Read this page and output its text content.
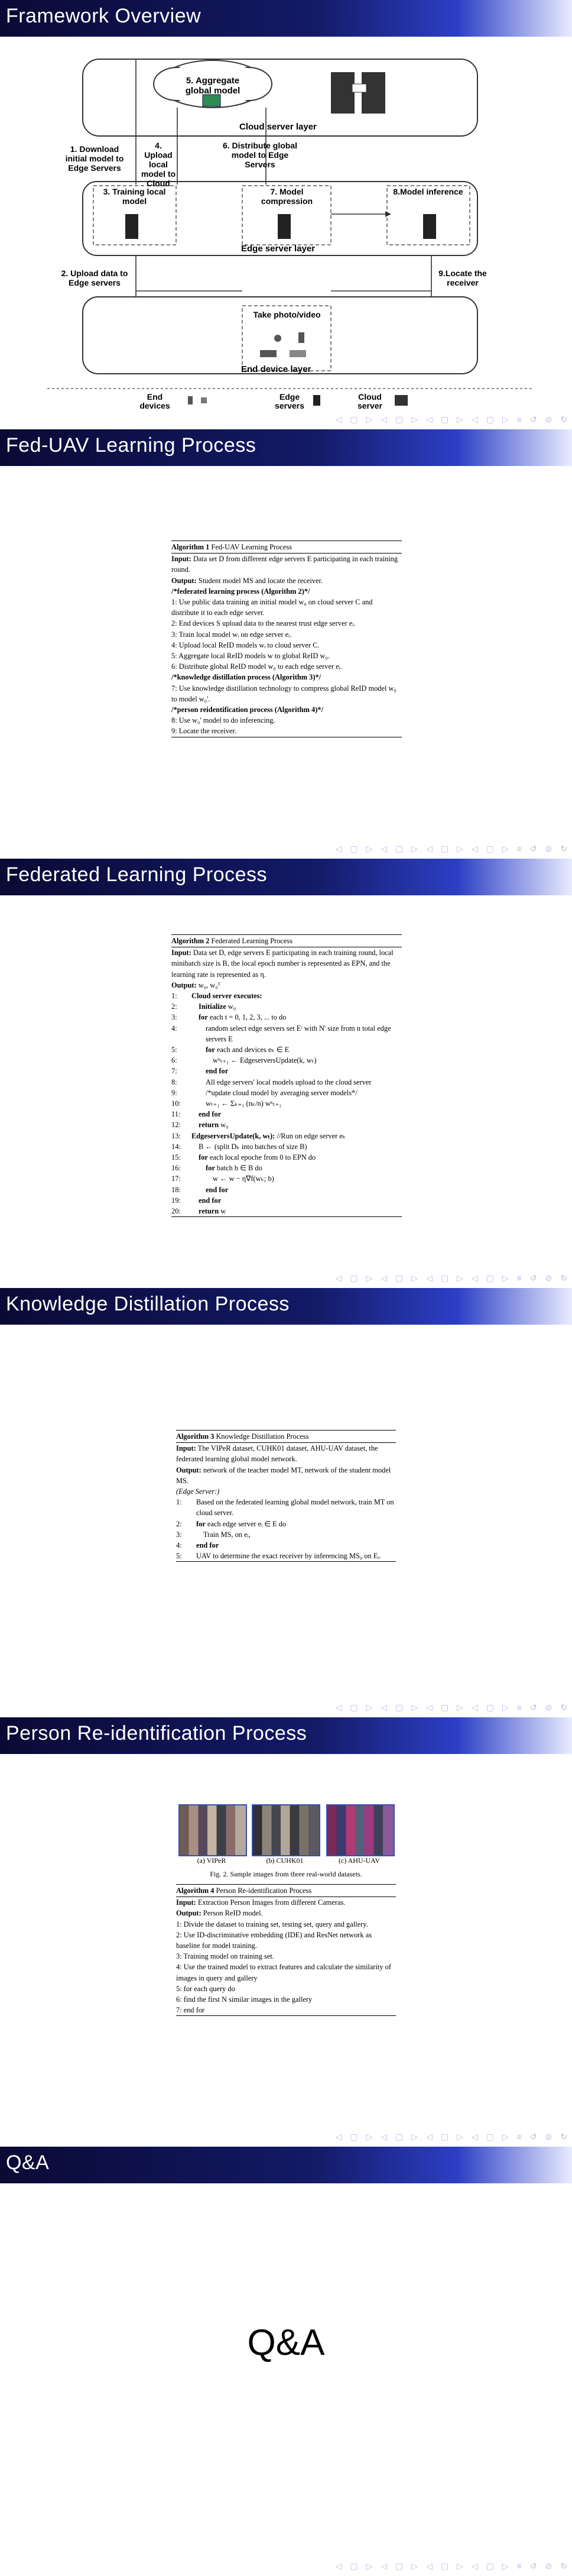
Framework Overview
5. Aggregate global model
Cloud server layer
1. Download initial model to Edge Servers
4. Upload local model to Cloud
6. Distribute global model to Edge Servers
3. Training local model
7. Model compression
8.Model inference
Edge server layer
2. Upload data to Edge servers
9.Locate the receiver
Take photo/video
End device layer
End devices
Edge servers
Cloud server
◁ ▢ ▷ ◁ ▢ ▷ ◁ ▢ ▷ ◁ ▢ ▷ ≡ ↺ ⊘ ↻
Fed-UAV Learning Process
Algorithm 1 Fed-UAV Learning Process
Input: Data set D from different edge servers E participating in each training round.
Output: Student model MS and locate the receiver.
/*federated learning process (Algorithm 2)*/
1: Use public data training an initial model w₀ on cloud server C and distribute it to each edge server.
2: End devices S upload data to the nearest trust edge server eᵢ.
3: Train local model wᵢ on edge server eᵢ.
4: Upload local ReID models wᵢ to cloud server C.
5: Aggregate local ReID models w to global ReID w₀.
6: Distribute global ReID model w₀ to each edge server eᵢ.
/*knowledge distillation process (Algorithm 3)*/
7: Use knowledge distillation technology to compress global ReID model w₀ to model w₀'.
/*person reidentification process (Algorithm 4)*/
8: Use w₀' model to do inferencing.
9: Locate the receiver.
◁ ▢ ▷ ◁ ▢ ▷ ◁ ▢ ▷ ◁ ▢ ▷ ≡ ↺ ⊘ ↻
Federated Learning Process
Algorithm 2 Federated Learning Process
Input: Data set D, edge servers E participating in each training round, local minibatch size is B, the local epoch number is represented as EPN, and the learning rate is represented as η.
Output: w₀, w₀ᵀ
1:	Cloud server executes:
2:	Initialize w₀
3:	for each t = 0, 1, 2, 3, ... to do
4:	random select edge servers set Eᵗ with N' size from n total edge servers E
5:	for each and devices eₖ ∈ E
6:	wᵏₜ₊₁ ← EdgeserversUpdate(k, wₜ)
7:	end for
8:	All edge servers' local models upload to the cloud server
9:	/*update cloud model by averaging server models*/
10:	wₜ₊₁ ← Σₖ₌₁ (nₖ/n) wᵏₜ₊₁
11:	end for
12:	return w₀
13:	EdgeserversUpdate(k, wₜ): //Run on edge server eₖ
14:	B ← (split Dₖ into batches of size B)
15:	for each local epoche from 0 to EPN do
16:	for batch b ∈ B do
17:	w ← w − η∇f(wₖ; b)
18:	end for
19:	end for
20:	return w
◁ ▢ ▷ ◁ ▢ ▷ ◁ ▢ ▷ ◁ ▢ ▷ ≡ ↺ ⊘ ↻
Knowledge Distillation Process
Algorithm 3 Knowledge Distillation Process
Input: The VIPeR dataset, CUHK01 dataset, AHU-UAV dataset, the federated learning global model network.
Output: network of the teacher model MT, network of the student model MS.
(Edge Server:)
1:	Based on the federated learning global model network, train MT on cloud server.
2:	for each edge server eᵢ ∈ E do
3:	Train MS, on eᵢ,
4:	end for
5:	UAV to determine the exact receiver by inferencing MS₀ on Eᵢ.
◁ ▢ ▷ ◁ ▢ ▷ ◁ ▢ ▷ ◁ ▢ ▷ ≡ ↺ ⊘ ↻
Person Re-identification Process
(a) VIPeR	(b) CUHK01	(c) AHU-UAV
Fig. 2. Sample images from three real-world datasets.
Algorithm 4 Person Re-identification Process
Input: Extraction Person Images from different Cameras.
Output: Person ReID model.
1: Divide the dataset to training set, testing set, query and gallery.
2: Use ID-discriminative embedding (IDE) and ResNet network as baseline for model training.
3: Training model on training set.
4: Use the trained model to extract features and calculate the similarity of images in query and gallery
5: for each query do
6: find the first N similar images in the gallery
7: end for
◁ ▢ ▷ ◁ ▢ ▷ ◁ ▢ ▷ ◁ ▢ ▷ ≡ ↺ ⊘ ↻
Q&A
Q&A
◁ ▢ ▷ ◁ ▢ ▷ ◁ ▢ ▷ ◁ ▢ ▷ ≡ ↺ ⊘ ↻
